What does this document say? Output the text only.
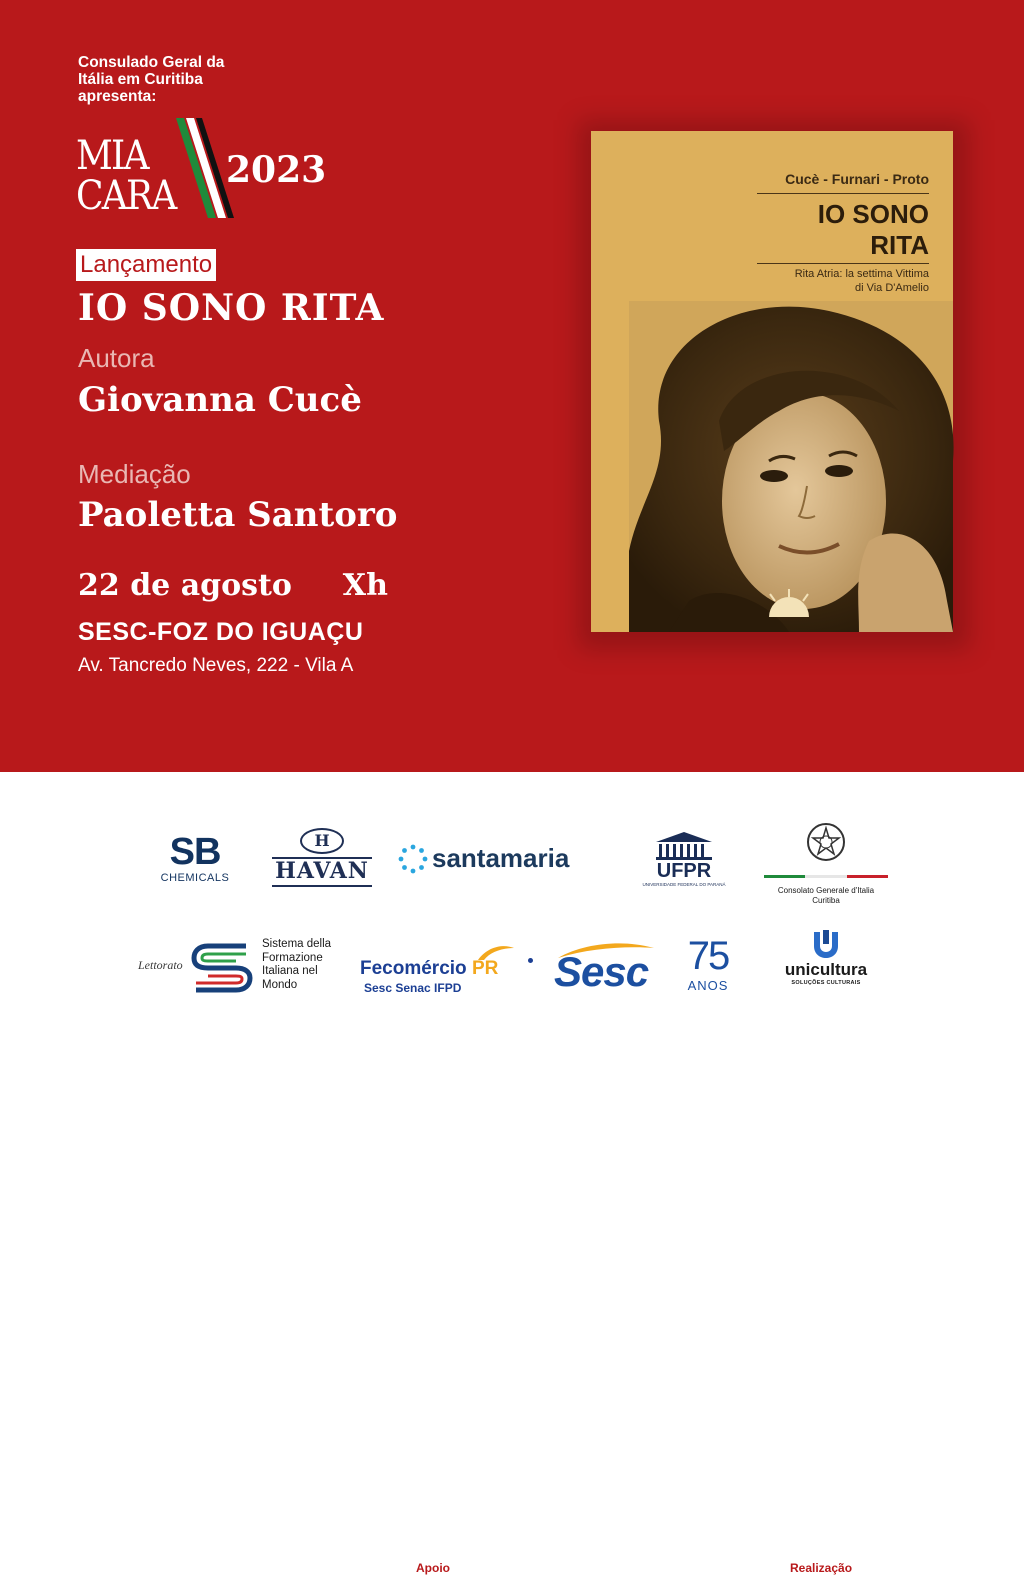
Consulado Geral da
Itália em Curitiba
apresenta:
MIA
CARA
2023
Lançamento
IO SONO RITA
Autora
Giovanna Cucè
Mediação
Paoletta Santoro
22 de agosto Xh
SESC-FOZ DO IGUAÇU
Av. Tancredo Neves, 222 - Vila A
Cucè - Furnari - Proto
IO SONO
RITA
Rita Atria: la settima Vittima
di Via D'Amelio
Apoio	Realização
SB
CHEMICALS
H
HAVAN santamaria	UFPR
UNIVERSIDADE FEDERAL DO PARANÁ
Consolato Generale d'Italia
Curitiba
Lettorato
Sistema della
Formazione
Italiana nel
Mondo
Fecomércio PR
Sesc Senac IFPD Sesc 75
ANOS
unicultura
SOLUÇÕES CULTURAIS
